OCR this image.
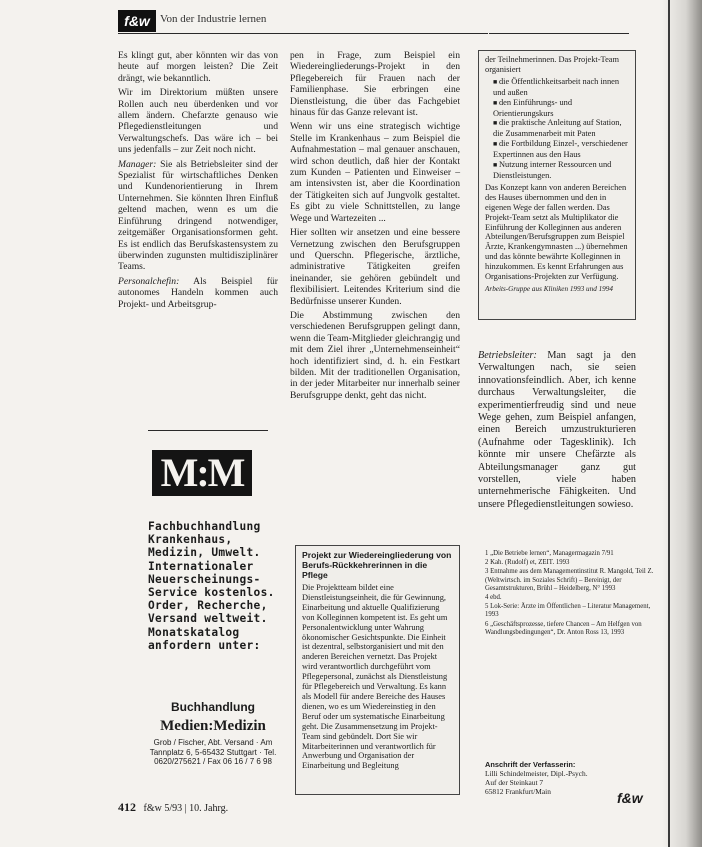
f&w Von der Industrie lernen

Es klingt gut, aber könnten wir das von heute auf morgen leisten? Die Zeit drängt, wie bekanntlich.

Wir im Direktorium müßten unsere Rollen auch neu überdenken und vor allem ändern. Chefarzte genauso wie Pflegedienstleitungen und Verwaltungschefs. Das wäre ich – bei uns jedenfalls – zur Zeit noch nicht.

Manager: Sie als Betriebsleiter sind der Spezialist für wirtschaftliches Denken und Kundenorientierung in Ihrem Unternehmen. Sie könnten Ihren Einfluß geltend machen, wenn es um die Einführung dringend notwendiger, zeitgemäßer Organisationsformen geht. Es ist endlich das Berufskastensystem zu überwinden zugunsten multidisziplinärer Teams.

Personalchefin: Als Beispiel für autonomes Handeln kommen auch Projekt- und Arbeitsgrup-

pen in Frage, zum Beispiel ein Wiedereingliederungs-Projekt in den Pflegebereich für Frauen nach der Familienphase. Sie erbringen eine Dienstleistung, die über das Fachgebiet hinaus für das Ganze relevant ist.

Wenn wir uns eine strategisch wichtige Stelle im Krankenhaus – zum Beispiel die Aufnahmestation – mal genauer anschauen, wird schon deutlich, daß hier der Kontakt zum Kunden – Patienten und Einweiser – am intensivsten ist, aber die Koordination der Tätigkeiten sich auf Jungvolk gestaltet. Es gibt zu viele Schnittstellen, zu lange Wege und Wartezeiten ...

Hier sollten wir ansetzen und eine bessere Vernetzung zwischen den Berufsgruppen und Querschn. Pflegerische, ärztliche, administrative Tätigkeiten greifen ineinander, sie gehören gebündelt und flexibilisiert. Leitendes Kriterium sind die Bedürfnisse unserer Kunden.

Die Abstimmung zwischen den verschiedenen Berufsgruppen gelingt dann, wenn die Team-Mitglieder gleichrangig und mit dem Ziel ihrer „Unternehmenseinheit“ hoch identifiziert sind, d. h. ein Festkart bilden. Mit der traditionellen Organisation, in der jeder Mitarbeiter nur innerhalb seiner Berufsgruppe denkt, geht das nicht.

der Teilnehmerinnen. Das Projekt-Team organisiert
■ die Öffentlichkeitsarbeit nach innen und außen
■ den Einführungs- und Orientierungskurs
■ die praktische Anleitung auf Station, die Zusammenarbeit mit Paten
■ die Fortbildung Einzel-, verschiedener Expertinnen aus den Haus
■ Nutzung interner Ressourcen und Dienstleistungen.
Das Konzept kann von anderen Bereichen des Hauses übernommen und den in eigenen Wege der fallen werden. Das Projekt-Team setzt als Multiplikator die Einführung der Kolleginnen aus anderen Abteilungen/Berufsgruppen zum Beispiel Ärzte, Krankengymnasten ...) übernehmen und das könnte bewährte Kolleginnen in hinzukommen. Es kennt Erfahrungen aus Organisations-Projekten zur Verfügung.
Arbeits-Gruppe aus Kliniken 1993 und 1994

Betriebsleiter: Man sagt ja den Verwaltungen nach, sie seien innovationsfeindlich. Aber, ich kenne durchaus Verwaltungsleiter, die experimentierfreudig sind und neue Wege gehen, zum Beispiel anfangen, einen Bereich umzustrukturieren (Aufnahme oder Tagesklinik). Ich könnte mir unsere Chefärzte als Abteilungsmanager ganz gut vorstellen, viele haben unternehmerische Fähigkeiten. Und unsere Pflegedienstleitungen sowieso.

Projekt zur Wiedereingliederung von Berufs-Rückkehrerinnen in die Pflege
Die Projektteam bildet eine Dienstleistungseinheit, die für Gewinnung, Einarbeitung und aktuelle Qualifizierung von Kolleginnen kompetent ist. Es geht um Personalentwicklung unter Wahrung ökonomischer Gesichtspunkte. Die Einheit ist dezentral, selbstorganisiert und mit den anderen Bereichen vernetzt. Das Projekt wird verantwortlich durchgeführt vom Pflegepersonal, zunächst als Dienstleistung für Pflegebereich und Verwaltung. Es kann als Modell für andere Bereiche des Hauses dienen, wo es um Wiedereinstieg in den Beruf oder um systematische Einarbeitung geht. Die Zusammensetzung im Projekt-Team sind gebündelt. Dort Sie wir Mitarbeiterinnen und verantwortlich für Anwerbung und Organisation der Einarbeitung und Begleitung
M:M
Fachbuchhandlung Krankenhaus, Medizin, Umwelt. Internationaler Neuerscheinungs-Service kostenlos. Order, Recherche, Versand weltweit. Monatskatalog anfordern unter:
Buchhandlung
Medien:Medizin
Grob / Fischer, Abt. Versand · Am Tannplatz 6, 5-65432 Stuttgart · Tel. 0620/275621 / Fax 06 16 / 7 6 98

1 „Die Betriebe lernen“, Managermagazin 7/91

2 Kah. (Rudolf) et, ZEIT. 1993

3 Entnahme aus dem Managementinstitut R. Mangold, Teil Z. (Weltwirtsch. im Soziales Schrift) – Bereinigt, der Gesamtstrukturen, Brühl – Heidelberg, N° 1993

4 ebd.

5 Lok-Serie: Ärzte im Öffentlichen – Literatur Management, 1993

6 „Geschäftsprozesse, tiefere Chancen – Am Helfgen von Wandlungsbedingungen“, Dr. Anton Ross 13, 1993

Anschrift der Verfasserin:
Lilli Schindelmeister, Dipl.-Psych.
Auf der Steinkaut 7
65812 Frankfurt/Main	f&w
412 f&w 5/93 | 10. Jahrg.
